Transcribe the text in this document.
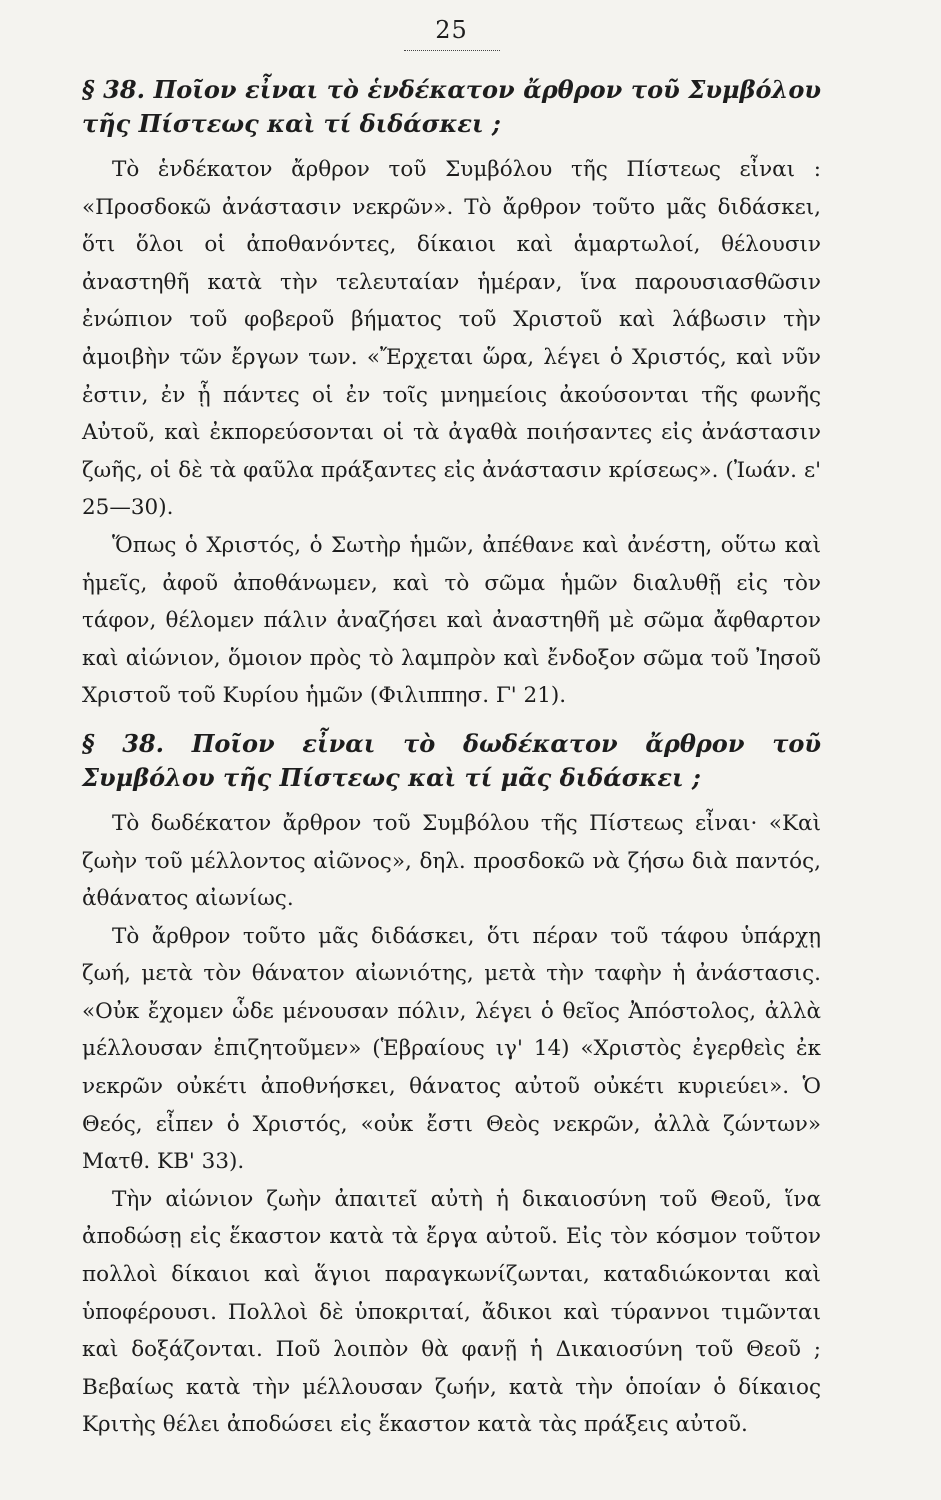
25
§ 38. Ποῖον εἶναι τὸ ἑνδέκατον ἄρθρον τοῦ Συμβόλου τῆς Πίστεως καὶ τί διδάσκει ;

Τὸ ἑνδέκατον ἄρθρον τοῦ Συμβόλου τῆς Πίστεως εἶναι : «Προσδοκῶ ἀνάστασιν νεκρῶν». Τὸ ἄρθρον τοῦτο μᾶς διδάσκει, ὅτι ὅλοι οἱ ἀποθανόντες, δίκαιοι καὶ ἁμαρτωλοί, θέλουσιν ἀναστηθῆ κατὰ τὴν τελευταίαν ἡμέραν, ἵνα παρουσιασθῶσιν ἐνώπιον τοῦ φοβεροῦ βήματος τοῦ Χριστοῦ καὶ λάβωσιν τὴν ἀμοιβὴν τῶν ἔργων των. «Ἔρχεται ὥρα, λέγει ὁ Χριστός, καὶ νῦν ἐστιν, ἐν ᾗ πάντες οἱ ἐν τοῖς μνημείοις ἀκούσονται τῆς φωνῆς Αὐτοῦ, καὶ ἐκπορεύσονται οἱ τὰ ἀγαθὰ ποιήσαντες εἰς ἀνάστασιν ζωῆς, οἱ δὲ τὰ φαῦλα πράξαντες εἰς ἀνάστασιν κρίσεως». (Ἰωάν. ε' 25—30).

Ὅπως ὁ Χριστός, ὁ Σωτὴρ ἡμῶν, ἀπέθανε καὶ ἀνέστη, οὕτω καὶ ἡμεῖς, ἀφοῦ ἀποθάνωμεν, καὶ τὸ σῶμα ἡμῶν διαλυθῇ εἰς τὸν τάφον, θέλομεν πάλιν ἀναζήσει καὶ ἀναστηθῆ μὲ σῶμα ἄφθαρτον καὶ αἰώνιον, ὅμοιον πρὸς τὸ λαμπρὸν καὶ ἔνδοξον σῶμα τοῦ Ἰησοῦ Χριστοῦ τοῦ Κυρίου ἡμῶν (Φιλιππησ. Γ' 21).

§ 38. Ποῖον εἶναι τὸ δωδέκατον ἄρθρον τοῦ Συμβόλου τῆς Πίστεως καὶ τί μᾶς διδάσκει ;

Τὸ δωδέκατον ἄρθρον τοῦ Συμβόλου τῆς Πίστεως εἶναι· «Καὶ ζωὴν τοῦ μέλλοντος αἰῶνος», δηλ. προσδοκῶ νὰ ζήσω διὰ παντός, ἀθάνατος αἰωνίως.

Τὸ ἄρθρον τοῦτο μᾶς διδάσκει, ὅτι πέραν τοῦ τάφου ὑπάρχῃ ζωή, μετὰ τὸν θάνατον αἰωνιότης, μετὰ τὴν ταφὴν ἡ ἀνάστασις. «Οὐκ ἔχομεν ὧδε μένουσαν πόλιν, λέγει ὁ θεῖος Ἀπόστολος, ἀλλὰ μέλλουσαν ἐπιζητοῦμεν» (Ἑβραίους ιγ' 14) «Χριστὸς ἐγερθεὶς ἐκ νεκρῶν οὐκέτι ἀποθνήσκει, θάνατος αὐτοῦ οὐκέτι κυριεύει». Ὁ Θεός, εἶπεν ὁ Χριστός, «οὐκ ἔστι Θεὸς νεκρῶν, ἀλλὰ ζώντων» Ματθ. ΚΒ' 33).

Τὴν αἰώνιον ζωὴν ἀπαιτεῖ αὐτὴ ἡ δικαιοσύνη τοῦ Θεοῦ, ἵνα ἀποδώσῃ εἰς ἕκαστον κατὰ τὰ ἔργα αὐτοῦ. Εἰς τὸν κόσμον τοῦτον πολλοὶ δίκαιοι καὶ ἅγιοι παραγκωνίζωνται, καταδιώκονται καὶ ὑποφέρουσι. Πολλοὶ δὲ ὑποκριταί, ἄδικοι καὶ τύραννοι τιμῶνται καὶ δοξάζονται. Ποῦ λοιπὸν θὰ φανῇ ἡ Δικαιοσύνη τοῦ Θεοῦ ; Βεβαίως κατὰ τὴν μέλλουσαν ζωήν, κατὰ τὴν ὁποίαν ὁ δίκαιος Κριτὴς θέλει ἀποδώσει εἰς ἕκαστον κατὰ τὰς πράξεις αὐτοῦ.
